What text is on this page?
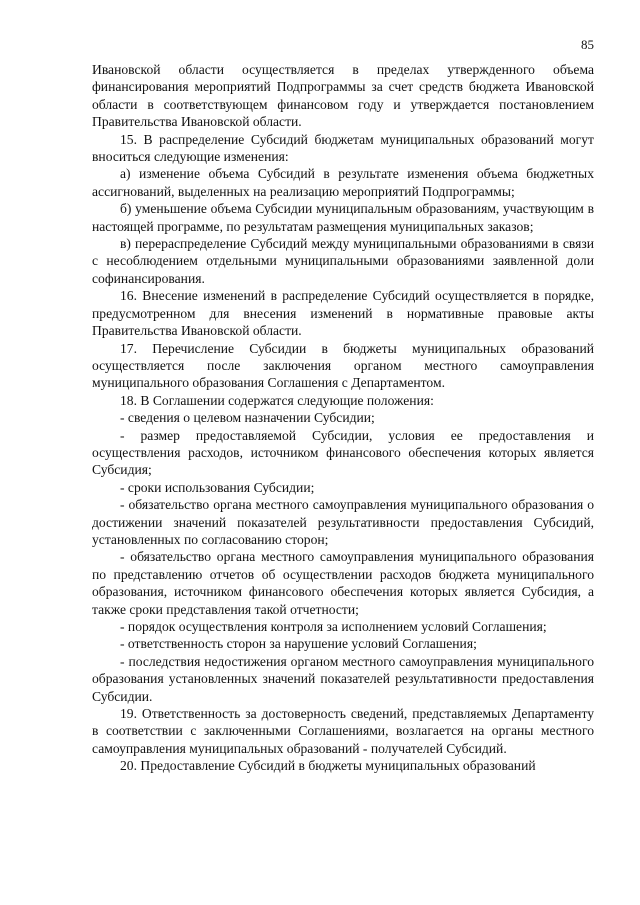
85

Ивановской области осуществляется в пределах утвержденного объема финансирования мероприятий Подпрограммы за счет средств бюджета Ивановской области в соответствующем финансовом году и утверждается постановлением Правительства Ивановской области.

15. В распределение Субсидий бюджетам муниципальных образований могут вноситься следующие изменения:

а) изменение объема Субсидий в результате изменения объема бюджетных ассигнований, выделенных на реализацию мероприятий Подпрограммы;

б) уменьшение объема Субсидии муниципальным образованиям, участвующим в настоящей программе, по результатам размещения муниципальных заказов;

в) перераспределение Субсидий между муниципальными образованиями в связи с несоблюдением отдельными муниципальными образованиями заявленной доли софинансирования.

16. Внесение изменений в распределение Субсидий осуществляется в порядке, предусмотренном для внесения изменений в нормативные правовые акты Правительства Ивановской области.

17. Перечисление Субсидии в бюджеты муниципальных образований осуществляется после заключения органом местного самоуправления муниципального образования Соглашения с Департаментом.

18. В Соглашении содержатся следующие положения:

- сведения о целевом назначении Субсидии;

- размер предоставляемой Субсидии, условия ее предоставления и осуществления расходов, источником финансового обеспечения которых является Субсидия;

- сроки использования Субсидии;

- обязательство органа местного самоуправления муниципального образования о достижении значений показателей результативности предоставления Субсидий, установленных по согласованию сторон;

- обязательство органа местного самоуправления муниципального образования по представлению отчетов об осуществлении расходов бюджета муниципального образования, источником финансового обеспечения которых является Субсидия, а также сроки представления такой отчетности;

- порядок осуществления контроля за исполнением условий Соглашения;

- ответственность сторон за нарушение условий Соглашения;

- последствия недостижения органом местного самоуправления муниципального образования установленных значений показателей результативности предоставления Субсидии.

19. Ответственность за достоверность сведений, представляемых Департаменту в соответствии с заключенными Соглашениями, возлагается на органы местного самоуправления муниципальных образований - получателей Субсидий.

20. Предоставление Субсидий в бюджеты муниципальных образований
